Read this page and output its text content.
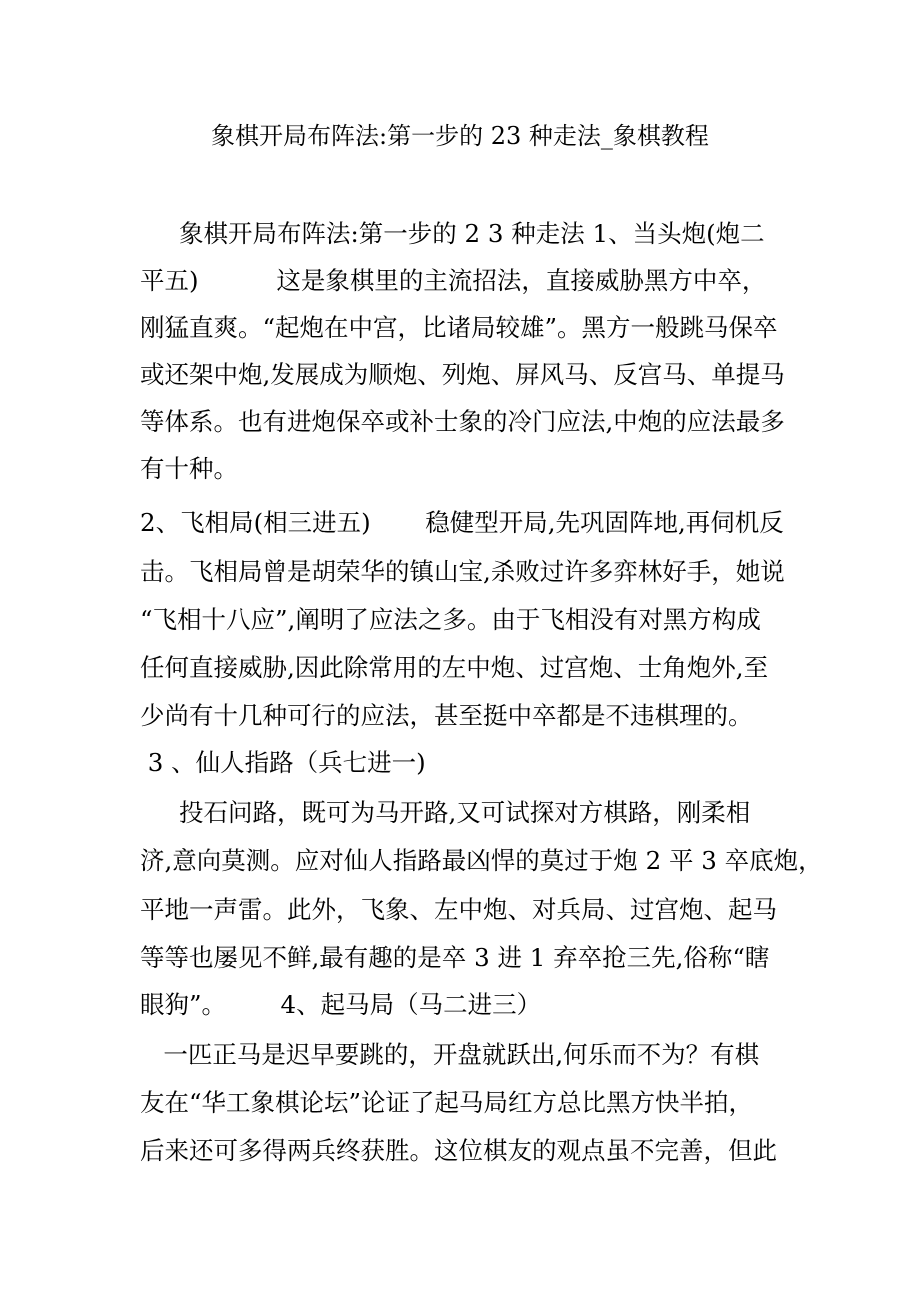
象棋开局布阵法:第一步的 23 种走法_象棋教程
象棋开局布阵法:第一步的 2 3 种走法 1、当头炮(炮二
平五)          这是象棋里的主流招法，直接威胁黑方中卒，
刚猛直爽。“起炮在中宫，比诸局较雄”。黑方一般跳马保卒
或还架中炮,发展成为顺炮、列炮、屏风马、反宫马、单提马
等体系。也有进炮保卒或补士象的冷门应法,中炮的应法最多
有十种。
2、飞相局(相三进五)       稳健型开局,先巩固阵地,再伺机反
击。飞相局曾是胡荣华的镇山宝,杀败过许多弈林好手，她说
“飞相十八应”,阐明了应法之多。由于飞相没有对黑方构成
任何直接威胁,因此除常用的左中炮、过宫炮、士角炮外,至
少尚有十几种可行的应法，甚至挺中卒都是不违棋理的。
3 、仙人指路（兵七进一)
投石问路，既可为马开路,又可试探对方棋路，刚柔相
济,意向莫测。应对仙人指路最凶悍的莫过于炮 2 平 3 卒底炮，
平地一声雷。此外，飞象、左中炮、对兵局、过宫炮、起马
等等也屡见不鲜,最有趣的是卒 3 进 1 弃卒抢三先,俗称“瞎
眼狗”。       4、起马局（马二进三）
一匹正马是迟早要跳的，开盘就跃出,何乐而不为？有棋
友在“华工象棋论坛”论证了起马局红方总比黑方快半拍，
后来还可多得两兵终获胜。这位棋友的观点虽不完善，但此
